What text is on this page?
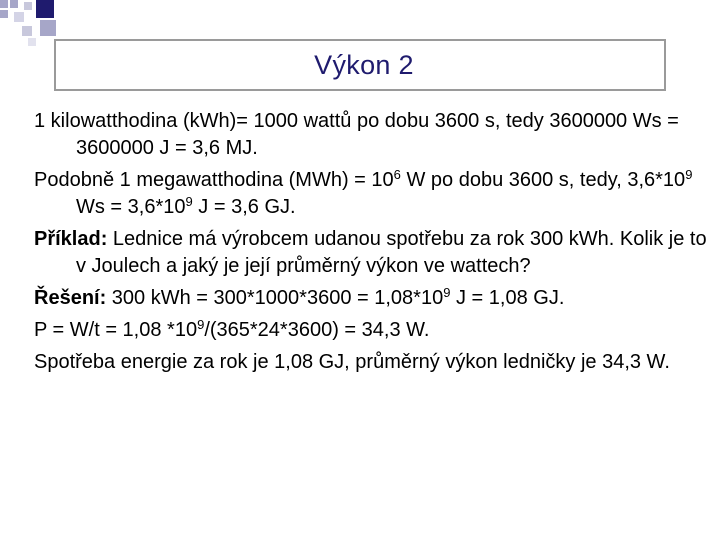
Výkon 2

1 kilowatthodina (kWh)= 1000 wattů po dobu 3600 s, tedy 3600000 Ws = 3600000 J = 3,6 MJ.

Podobně 1 megawatthodina $(MWh) = 10^6$ W po dobu 3600 s, tedy, $3,6*10^9$ $Ws = 3,6*10^9$ J = 3,6 GJ.

Příklad: Lednice má výrobcem udanou spotřebu za rok 300 kWh. Kolik je to v Joulech a jaký je její průměrný výkon ve wattech?

Řešení: 300 kWh = $300*1000*3600 = 1,08*10^9$ J = 1,08 GJ.

P = W/t = 1,08 $*10^9/(365*24*3600) = 34,3$ W.

Spotřeba energie za rok je 1,08 GJ, průměrný výkon ledničky je 34,3 W.
